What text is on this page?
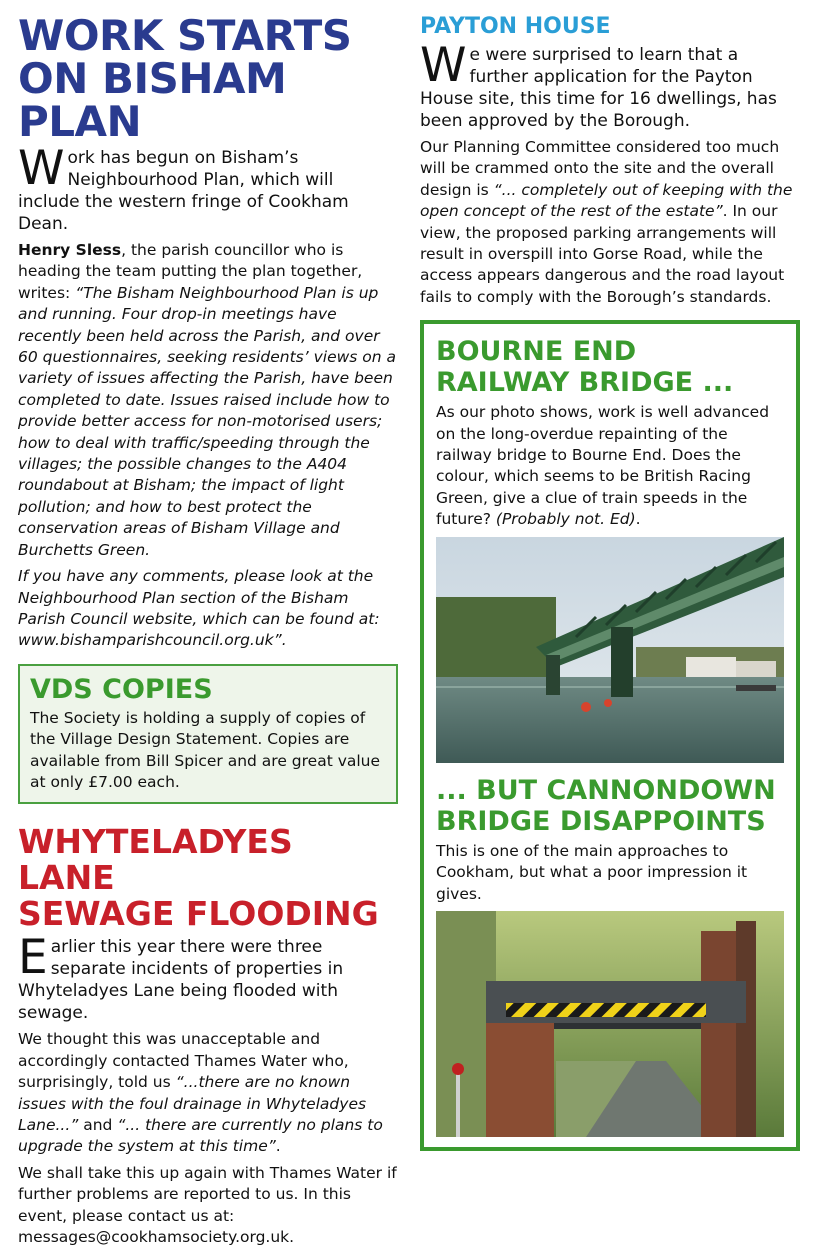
WORK STARTS
ON BISHAM PLAN

Work has begun on Bisham’s Neighbourhood Plan, which will include the western fringe of Cookham Dean.

Henry Sless, the parish councillor who is heading the team putting the plan together, writes: “The Bisham Neighbourhood Plan is up and running. Four drop-in meetings have recently been held across the Parish, and over 60 questionnaires, seeking residents’ views on a variety of issues affecting the Parish, have been completed to date. Issues raised include how to provide better access for non-motorised users; how to deal with traffic/speeding through the villages; the possible changes to the A404 roundabout at Bisham; the impact of light pollution; and how to best protect the conservation areas of Bisham Village and Burchetts Green.

If you have any comments, please look at the Neighbourhood Plan section of the Bisham Parish Council website, which can be found at: www.bishamparishcouncil.org.uk”.

VDS COPIES

The Society is holding a supply of copies of the Village Design Statement. Copies are available from Bill Spicer and are great value at only £7.00 each.

WHYTELADYES LANE
SEWAGE FLOODING

Earlier this year there were three separate incidents of properties in Whyteladyes Lane being flooded with sewage.

We thought this was unacceptable and accordingly contacted Thames Water who, surprisingly, told us “...there are no known issues with the foul drainage in Whyteladyes Lane...” and “... there are currently no plans to upgrade the system at this time”.

We shall take this up again with Thames Water if further problems are reported to us. In this event, please contact us at: messages@cookhamsociety.org.uk.

PAYTON HOUSE

We were surprised to learn that a further application for the Payton House site, this time for 16 dwellings, has been approved by the Borough.

Our Planning Committee considered too much will be crammed onto the site and the overall design is “... completely out of keeping with the open concept of the rest of the estate”. In our view, the proposed parking arrangements will result in overspill into Gorse Road, while the access appears dangerous and the road layout fails to comply with the Borough’s standards.

BOURNE END
RAILWAY BRIDGE ...

As our photo shows, work is well advanced on the long-overdue repainting of the railway bridge to Bourne End. Does the colour, which seems to be British Racing Green, give a clue of train speeds in the future? (Probably not. Ed).

... BUT CANNONDOWN
BRIDGE DISAPPOINTS

This is one of the main approaches to Cookham, but what a poor impression it gives.
